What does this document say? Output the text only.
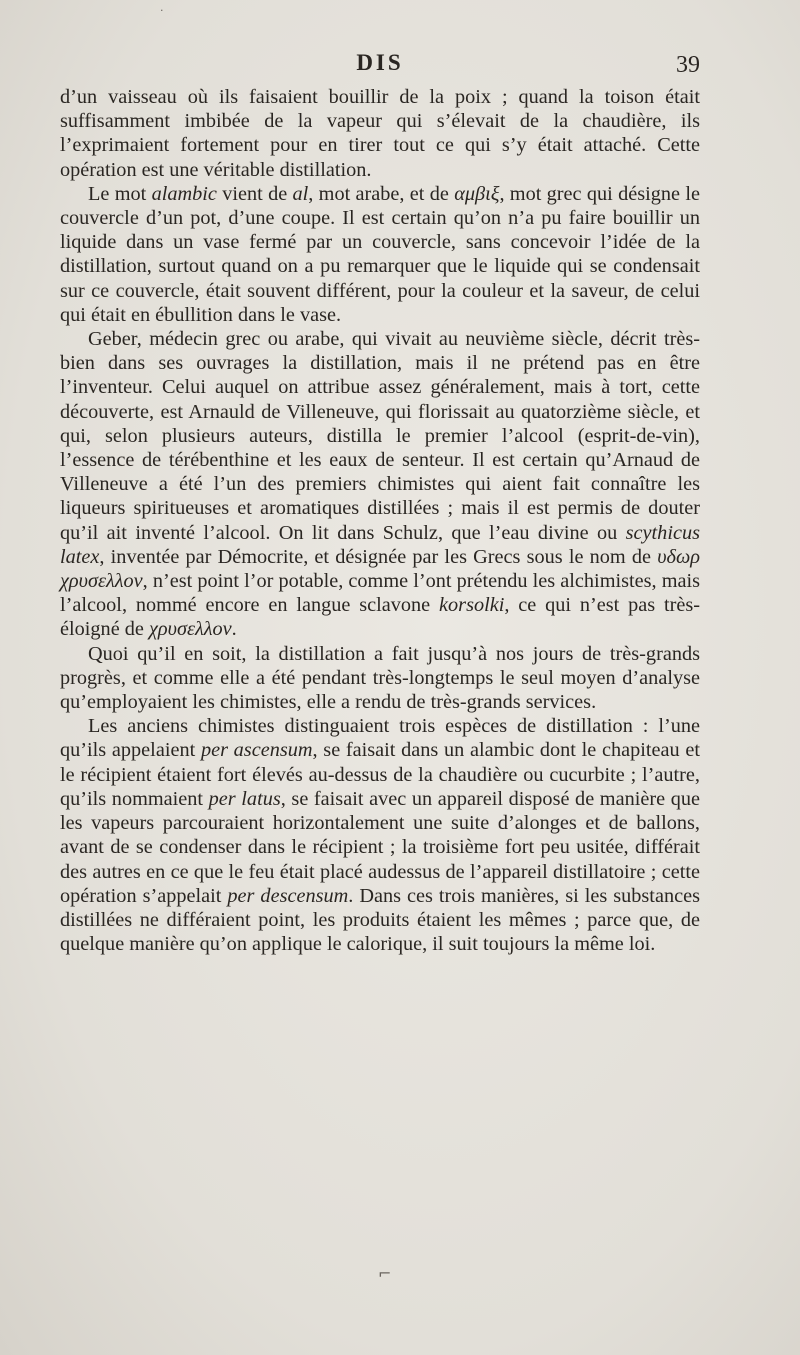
DIS	39

d’un vaisseau où ils faisaient bouillir de la poix ; quand la toison était suffisamment imbibée de la vapeur qui s’élevait de la chaudière, ils l’exprimaient fortement pour en tirer tout ce qui s’y était attaché. Cette opération est une véritable distillation.

Le mot alambic vient de al, mot arabe, et de αμβιξ, mot grec qui désigne le couvercle d’un pot, d’une coupe. Il est certain qu’on n’a pu faire bouillir un liquide dans un vase fermé par un couvercle, sans concevoir l’idée de la distillation, surtout quand on a pu remarquer que le liquide qui se condensait sur ce couvercle, était souvent différent, pour la couleur et la saveur, de celui qui était en ébullition dans le vase.

Geber, médecin grec ou arabe, qui vivait au neuvième siècle, décrit très-bien dans ses ouvrages la distillation, mais il ne prétend pas en être l’inventeur. Celui auquel on attribue assez généralement, mais à tort, cette découverte, est Arnauld de Villeneuve, qui florissait au quatorzième siècle, et qui, selon plusieurs auteurs, distilla le premier l’alcool (esprit-de-vin), l’essence de térébenthine et les eaux de senteur. Il est certain qu’Arnaud de Villeneuve a été l’un des premiers chimistes qui aient fait connaître les liqueurs spiritueuses et aromatiques distillées ; mais il est permis de douter qu’il ait inventé l’alcool. On lit dans Schulz, que l’eau divine ou scythicus latex, inventée par Démocrite, et désignée par les Grecs sous le nom de υδωρ χρυσελλον, n’est point l’or potable, comme l’ont prétendu les alchimistes, mais l’alcool, nommé encore en langue sclavone korsolki, ce qui n’est pas très-éloigné de χρυσελλον.

Quoi qu’il en soit, la distillation a fait jusqu’à nos jours de très-grands progrès, et comme elle a été pendant très-longtemps le seul moyen d’analyse qu’employaient les chimistes, elle a rendu de très-grands services.

Les anciens chimistes distinguaient trois espèces de distillation : l’une qu’ils appelaient per ascensum, se faisait dans un alambic dont le chapiteau et le récipient étaient fort élevés au-dessus de la chaudière ou cucurbite ; l’autre, qu’ils nommaient per latus, se faisait avec un appareil disposé de manière que les vapeurs parcouraient horizontalement une suite d’alonges et de ballons, avant de se condenser dans le récipient ; la troisième fort peu usitée, différait des autres en ce que le feu était placé audessus de l’appareil distillatoire ; cette opération s’appelait per descensum. Dans ces trois manières, si les substances distillées ne différaient point, les produits étaient les mêmes ; parce que, de quelque manière qu’on applique le calorique, il suit toujours la même loi.

·
⌐
